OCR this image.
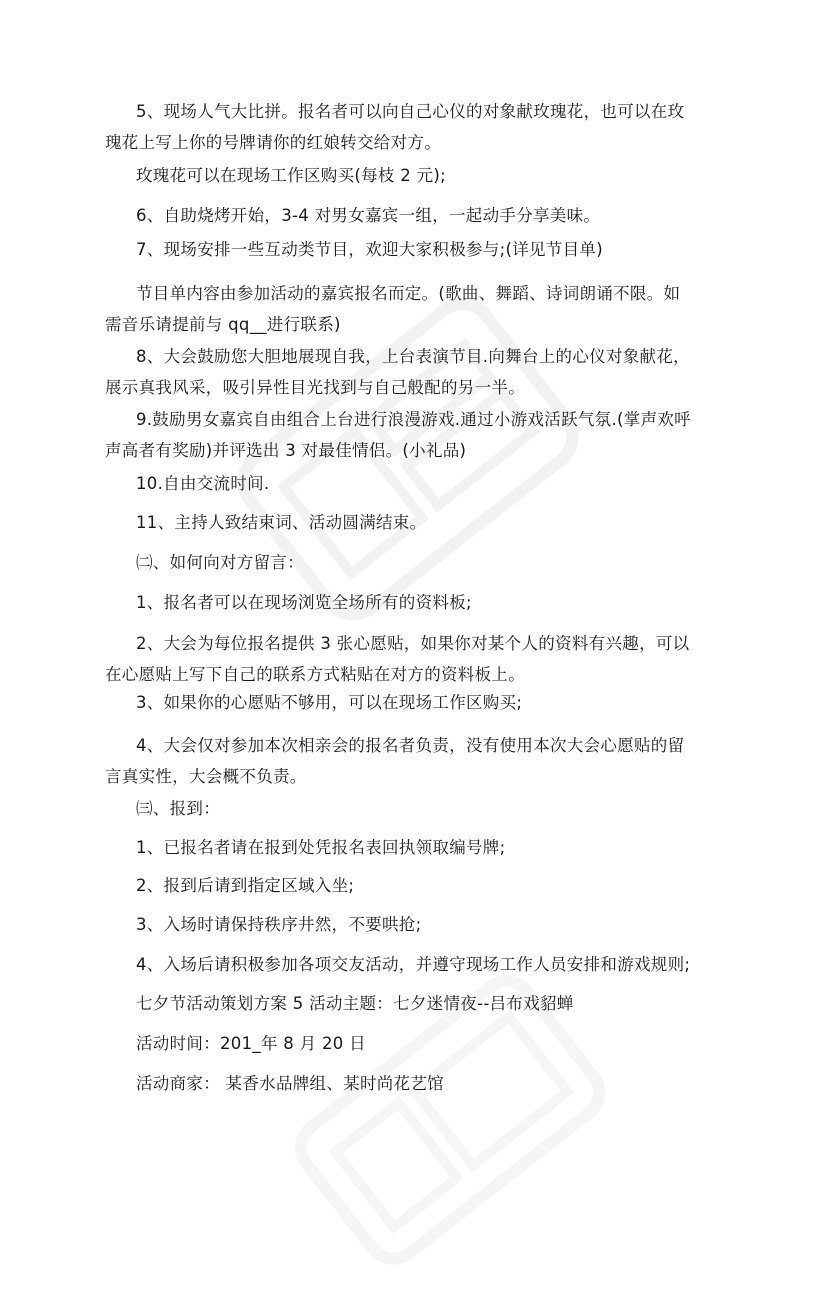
5、现场人气大比拼。报名者可以向自己心仪的对象献玫瑰花，也可以在玫
瑰花上写上你的号牌请你的红娘转交给对方。
玫瑰花可以在现场工作区购买(每枝 2 元);
6、自助烧烤开始，3-4 对男女嘉宾一组，一起动手分享美味。
7、现场安排一些互动类节目，欢迎大家积极参与;(详见节目单)
节目单内容由参加活动的嘉宾报名而定。(歌曲、舞蹈、诗词朗诵不限。如
需音乐请提前与 qq__进行联系)
8、大会鼓励您大胆地展现自我，上台表演节目.向舞台上的心仪对象献花，
展示真我风采，吸引异性目光找到与自己般配的另一半。
9.鼓励男女嘉宾自由组合上台进行浪漫游戏.通过小游戏活跃气氛.(掌声欢呼
声高者有奖励)并评选出 3 对最佳情侣。(小礼品)
10.自由交流时间.
11、主持人致结束词、活动圆满结束。
㈡、如何向对方留言：
1、报名者可以在现场浏览全场所有的资料板;
2、大会为每位报名提供 3 张心愿贴，如果你对某个人的资料有兴趣，可以
在心愿贴上写下自己的联系方式粘贴在对方的资料板上。
3、如果你的心愿贴不够用，可以在现场工作区购买;
4、大会仅对参加本次相亲会的报名者负责，没有使用本次大会心愿贴的留
言真实性，大会概不负责。
㈢、报到：
1、已报名者请在报到处凭报名表回执领取编号牌;
2、报到后请到指定区域入坐;
3、入场时请保持秩序井然，不要哄抢;
4、入场后请积极参加各项交友活动，并遵守现场工作人员安排和游戏规则;
七夕节活动策划方案 5 活动主题：七夕迷情夜--吕布戏貂蝉
活动时间：201_年 8 月 20 日
活动商家： 某香水品牌组、某时尚花艺馆
